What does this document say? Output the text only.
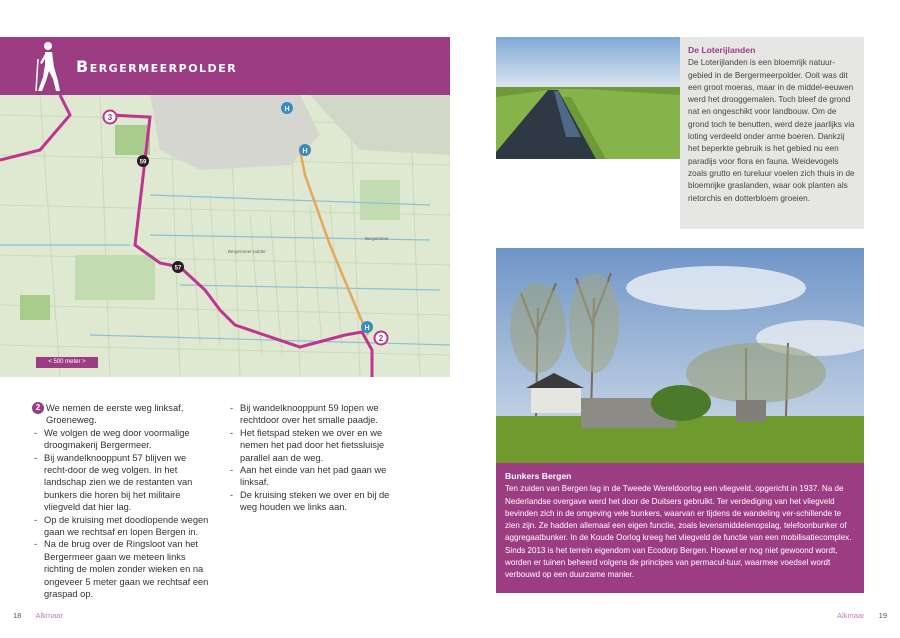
Bergermeerpolder
3
59
57
2
H
H
H
Bergermeer-polder
Bergermeer
< 500 meter >
2 We nemen de eerste weg linksaf, Groeneweg.
- We volgen de weg door voormalige droogmakerij Bergermeer.
- Bij wandelknooppunt 57 blijven we recht-door de weg volgen. In het landschap zien we de restanten van bunkers die horen bij het militaire vliegveld dat hier lag.
- Op de kruising met doodlopende wegen gaan we rechtsaf en lopen Bergen in.
- Na de brug over de Ringsloot van het Bergermeer gaan we meteen links richting de molen zonder wieken en na ongeveer 5 meter gaan we rechtsaf een graspad op.
- Bij wandelknooppunt 59 lopen we rechtdoor over het smalle paadje.
- Het fietspad steken we over en we nemen het pad door het fietssluisje parallel aan de weg.
- Aan het einde van het pad gaan we linksaf.
- De kruising steken we over en bij de weg houden we links aan.
De Loterijlanden
De Loterijlanden is een bloemrijk natuur-gebied in de Bergermeerpolder. Ooit was dit een groot moeras, maar in de middel-eeuwen werd het drooggemalen. Toch bleef de grond nat en ongeschikt voor landbouw. Om de grond toch te benutten, werd deze jaarlijks via loting verdeeld onder arme boeren. Dankzij het beperkte gebruik is het gebied nu een paradijs voor flora en fauna. Weidevogels zoals grutto en tureluur voelen zich thuis in de bloemrijke graslanden, waar ook planten als rietorchis en dotterbloem groeien.
Bunkers Bergen
Ten zuiden van Bergen lag in de Tweede Wereldoorlog een vliegveld, opgericht in 1937. Na de Nederlandse overgave werd het door de Duitsers gebruikt. Ter verdediging van het vliegveld bevinden zich in de omgeving vele bunkers, waarvan er tijdens de wandeling ver-schillende te zien zijn. Ze hadden allemaal een eigen functie, zoals levensmiddelenopslag, telefoonbunker of aggregaatbunker. In de Koude Oorlog kreeg het vliegveld de functie van een mobilisatiecomplex. Sinds 2013 is het terrein eigendom van Ecodorp Bergen. Hoewel er nog niet gewoond wordt, worden er tuinen beheerd volgens de principes van permacul-tuur, waarmee voedsel wordt verbouwd op een duurzame manier.
18 Alkmaar	Alkmaar 19
